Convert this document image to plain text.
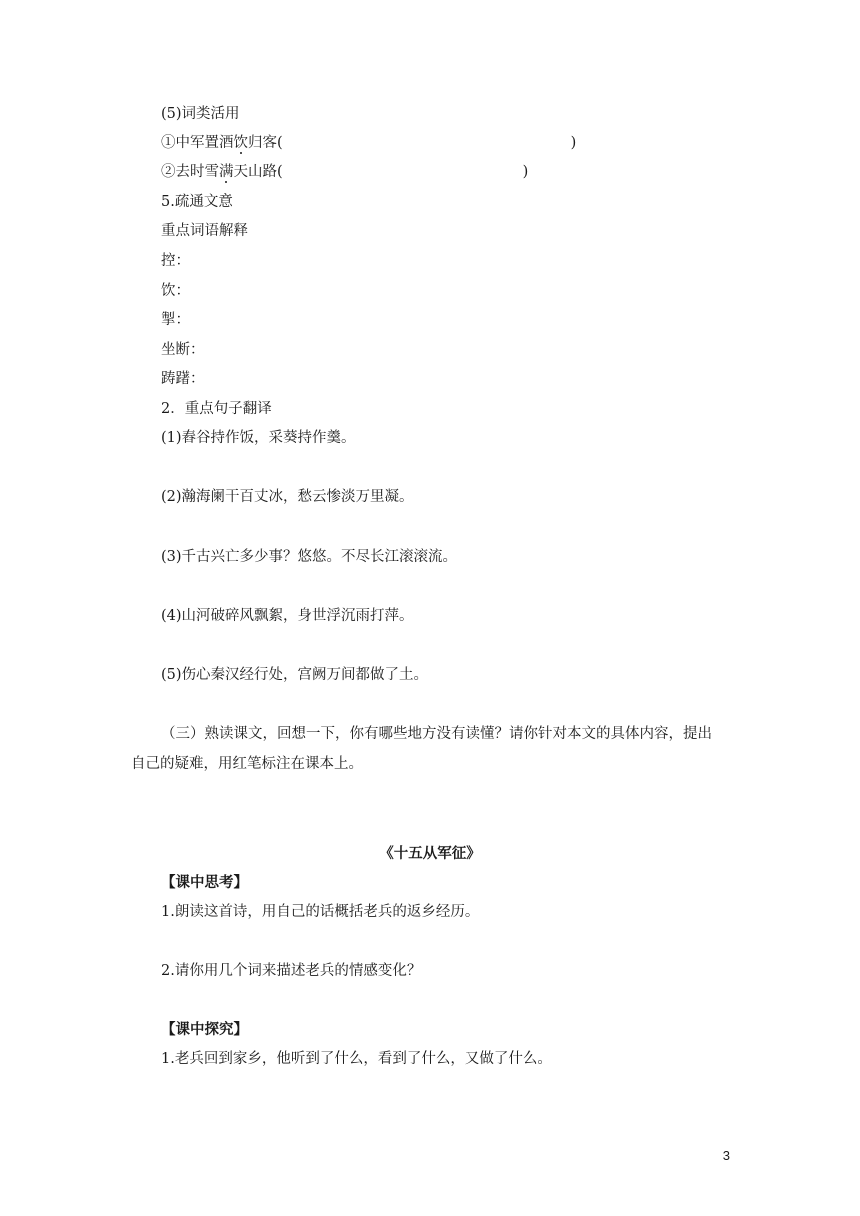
(5)词类活用
①中军置酒饮归客(	)
②去时雪满天山路(	)
5.疏通文意
重点词语解释
控：
饮：
掣：
坐断：
踌躇：
2．重点句子翻译
(1)舂谷持作饭，采葵持作羹。
(2)瀚海阑干百丈冰，愁云惨淡万里凝。
(3)千古兴亡多少事？悠悠。不尽长江滚滚流。
(4)山河破碎风飘絮，身世浮沉雨打萍。
(5)伤心秦汉经行处，宫阙万间都做了土。
（三）熟读课文，回想一下，你有哪些地方没有读懂？请你针对本文的具体内容，提出
自己的疑难，用红笔标注在课本上。
《十五从军征》
【课中思考】
1.朗读这首诗，用自己的话概括老兵的返乡经历。
2.请你用几个词来描述老兵的情感变化？
【课中探究】
1.老兵回到家乡，他听到了什么，看到了什么，又做了什么。
3
